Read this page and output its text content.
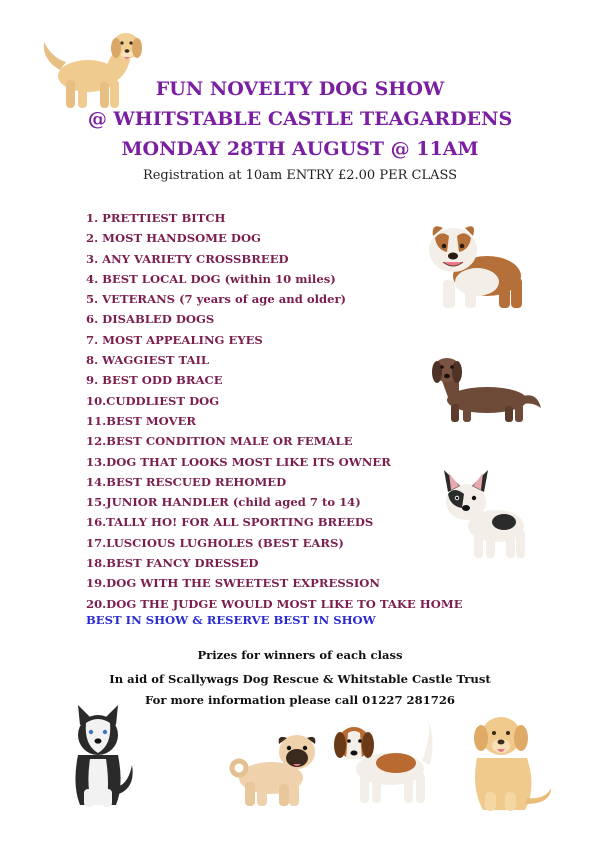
FUN NOVELTY DOG SHOW
@ WHITSTABLE CASTLE TEAGARDENS
MONDAY 28TH AUGUST @ 11AM
Registration at 10am ENTRY £2.00 PER CLASS
1. PRETTIEST BITCH
2. MOST HANDSOME DOG
3. ANY VARIETY CROSSBREED
4. BEST LOCAL DOG (within 10 miles)
5. VETERANS (7 years of age and older)
6. DISABLED DOGS
7. MOST APPEALING EYES
8. WAGGIEST TAIL
9. BEST ODD BRACE
10.CUDDLIEST DOG
11.BEST MOVER
12.BEST CONDITION MALE OR FEMALE
13.DOG THAT LOOKS MOST LIKE ITS OWNER
14.BEST RESCUED REHOMED
15.JUNIOR HANDLER (child aged 7 to 14)
16.TALLY HO! FOR ALL SPORTING BREEDS
17.LUSCIOUS LUGHOLES (BEST EARS)
18.BEST FANCY DRESSED
19.DOG WITH THE SWEETEST EXPRESSION
20.DOG THE JUDGE WOULD MOST LIKE TO TAKE HOME
BEST IN SHOW & RESERVE BEST IN SHOW
Prizes for winners of each class
In aid of Scallywags Dog Rescue & Whitstable Castle Trust
For more information please call 01227 281726
